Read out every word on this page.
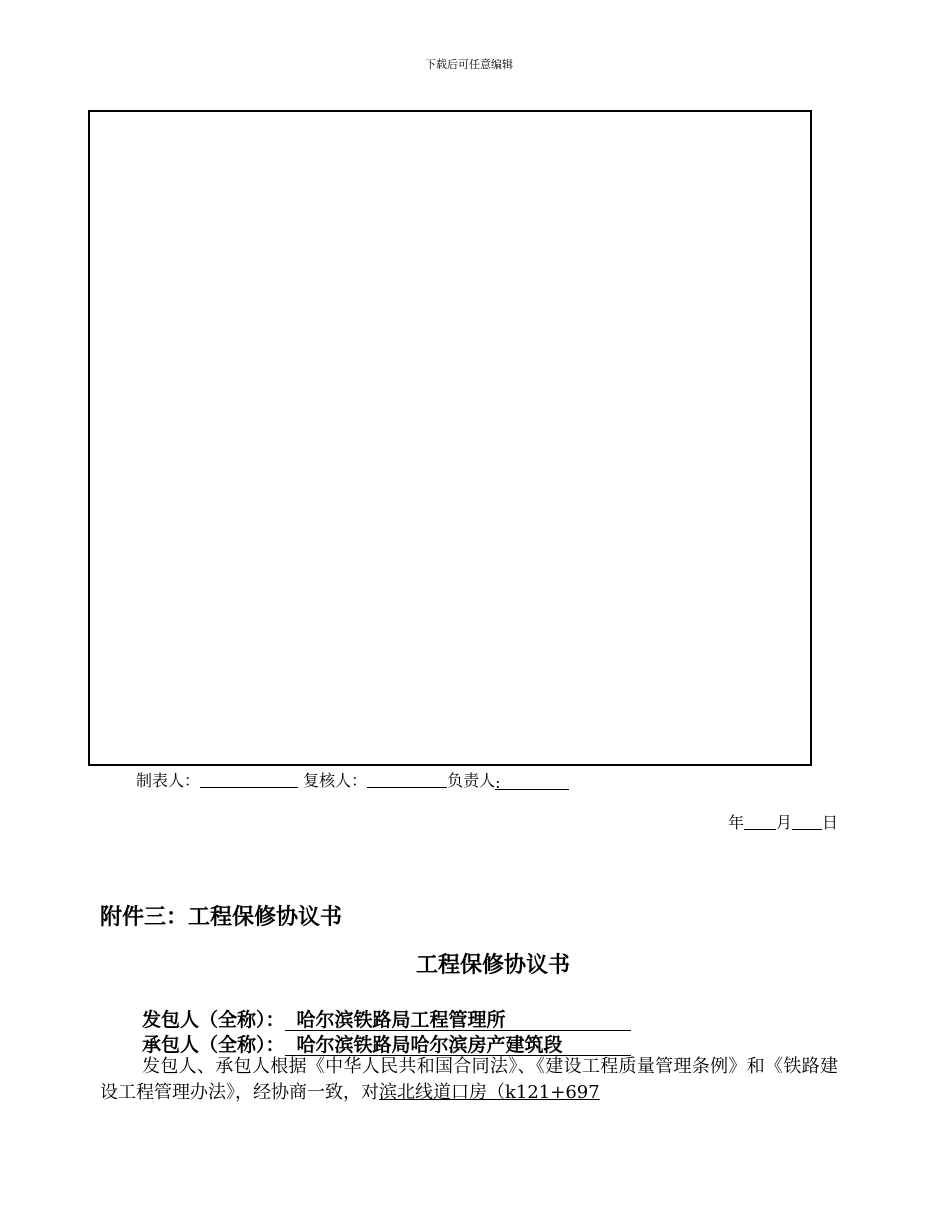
下载后可任意编辑
制表人：	复核人：	负责人:
年 月 日
附件三：工程保修协议书
工程保修协议书
发包人（全称）： 哈尔滨铁路局工程管理所
承包人（全称）： 哈尔滨铁路局哈尔滨房产建筑段
发包人、承包人根据《中华人民共和国合同法》、《建设工程质量管理条例》和《铁路建设工程管理办法》，经协商一致，对滨北线道口房（k121+697
